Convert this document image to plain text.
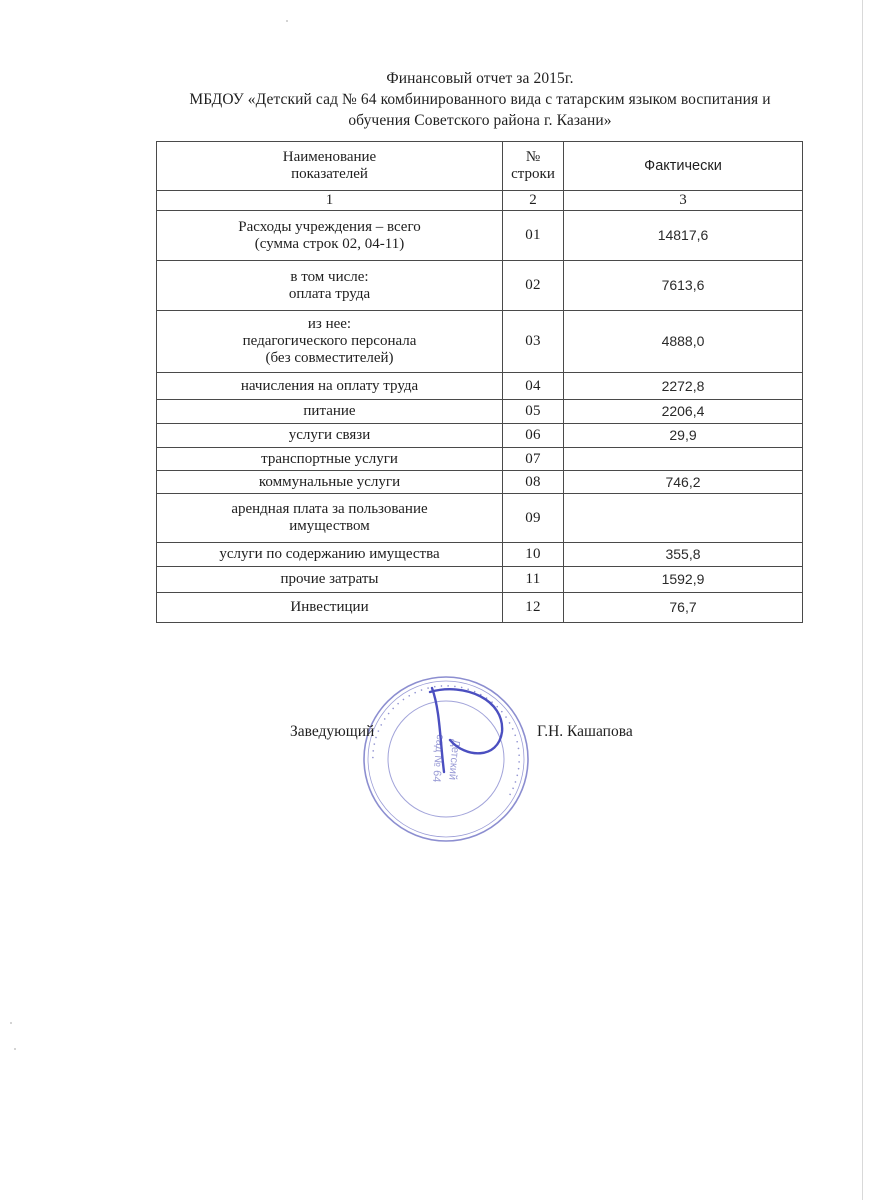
Финансовый отчет за 2015г.
МБДОУ «Детский сад № 64 комбинированного вида с татарским языком воспитания и
обучения Советского района г. Казани»
Наименование
показателей	№
строки	Фактически
1	2	3

Расходы учреждения – всего
(сумма строк 02, 04-11)	01	14817,6

в том числе:
оплата труда	02	7613,6

из нее:
педагогического персонала
(без совместителей)	03	4888,0
начисления на оплату труда	04	2272,8
питание	05	2206,4
услуги связи	06	29,9
транспортные услуги	07	
коммунальные услуги	08	746,2

арендная плата за пользование
имуществом	09	
услуги по содержанию имущества	10	355,8
прочие затраты	11	1592,9
Инвестиции	12	76,7
ꞏ ꞏ ꞏ ꞏ ꞏ ꞏ ꞏ ꞏ ꞏ ꞏ ꞏ ꞏ ꞏ ꞏ ꞏ ꞏ ꞏ ꞏ ꞏ ꞏ ꞏ ꞏ ꞏ ꞏ ꞏ ꞏ ꞏ ꞏ ꞏ ꞏ ꞏ ꞏ ꞏ ꞏ ꞏ ꞏ ꞏ ꞏ ꞏ ꞏ
Детский
сад № 64
Заведующий	Г.Н. Кашапова
